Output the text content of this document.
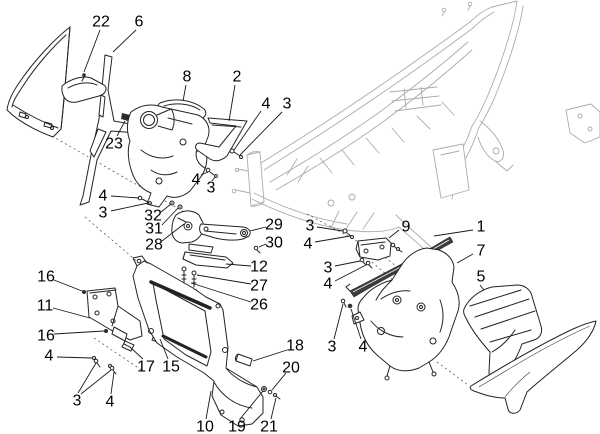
22 6
8	2
4 3
23
4 3
4
3 32
31
28
29
30
12
27
26
16
11
16
4
3 4
17 15
18
20
10 19 21
3
4
9
3
4
1
7
5
3 4
